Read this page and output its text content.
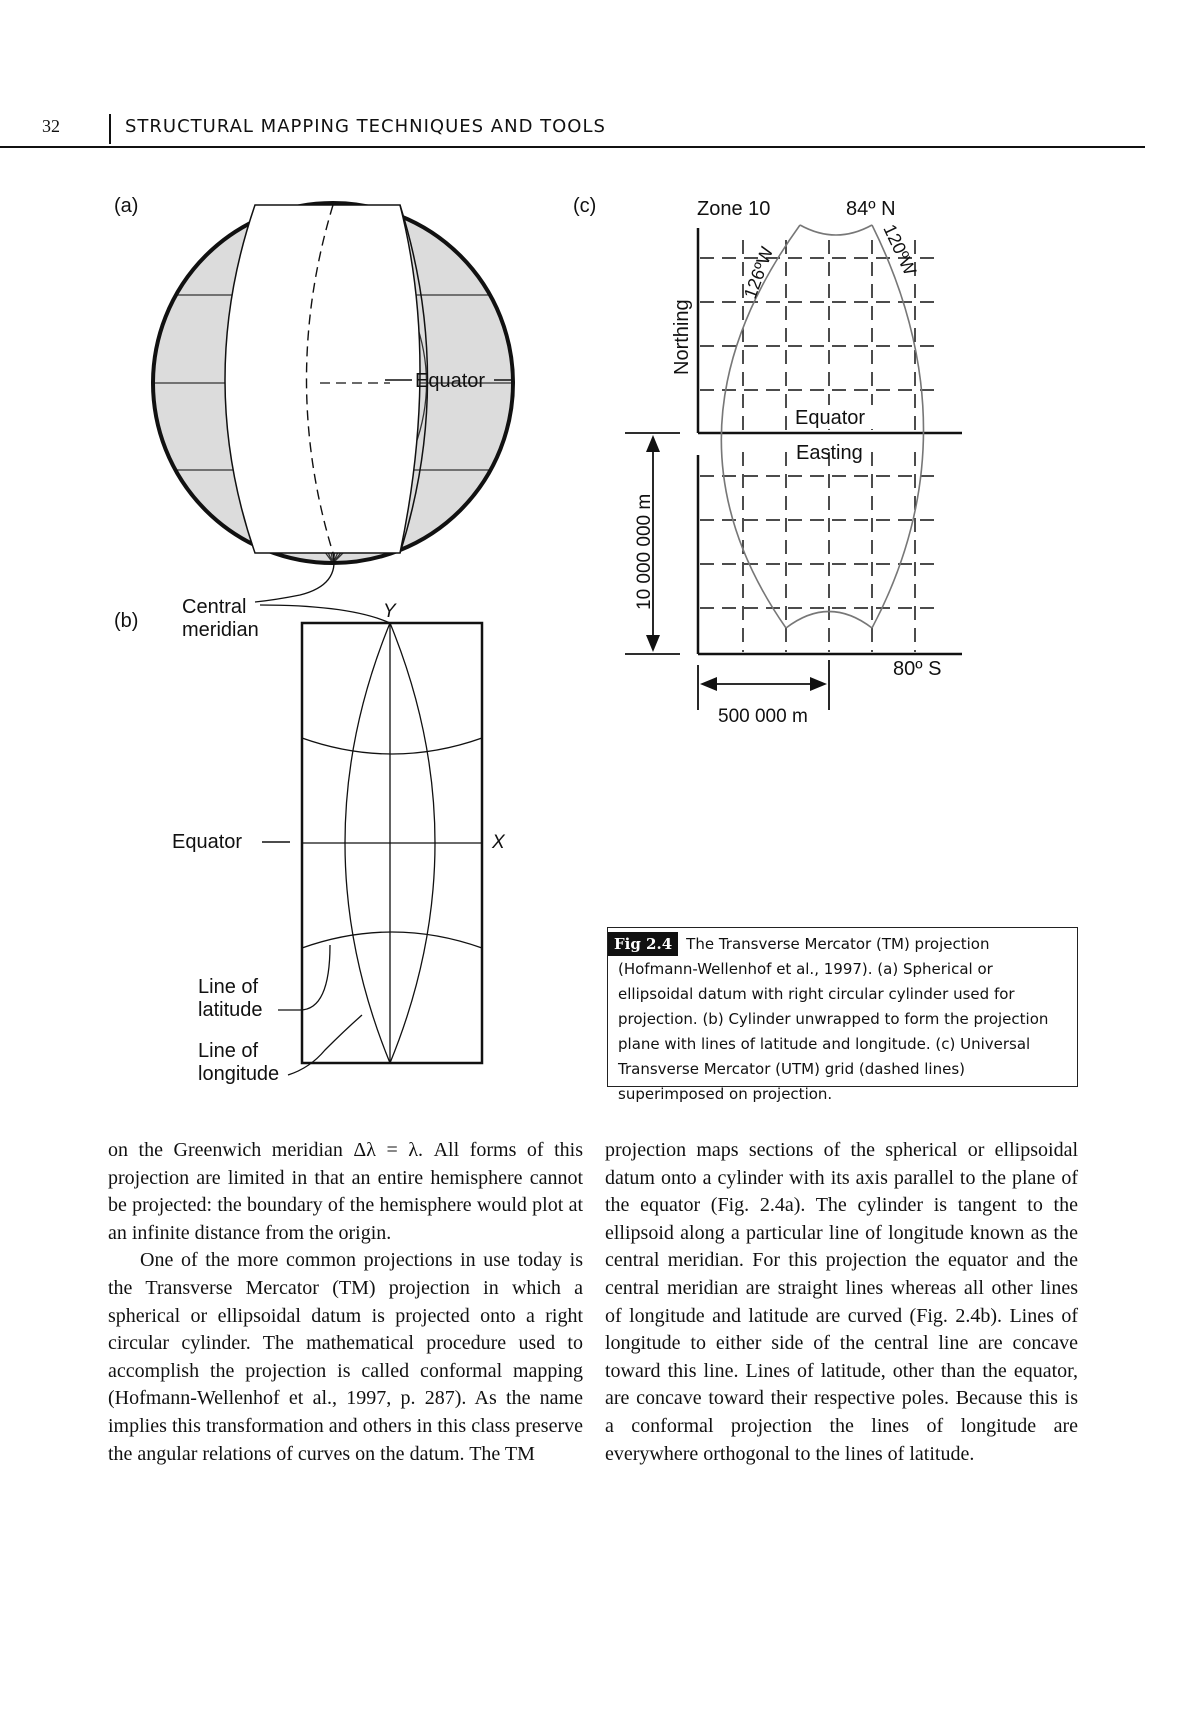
32	STRUCTURAL MAPPING TECHNIQUES AND TOOLS
(a)
Equator
(b)
Central
meridian
Y
X
Equator
Line of
latitude
Line of
longitude
(c)	Zone 10	84º N
126ºW	120ºW
Northing
Equator
Easting
10 000 000 m
500 000 m
80º S
Fig 2.4 The Transverse Mercator (TM) projection (Hofmann-Wellenhof et al., 1997). (a) Spherical or ellipsoidal datum with right circular cylinder used for projection. (b) Cylinder unwrapped to form the projection plane with lines of latitude and longitude. (c) Universal Transverse Mercator (UTM) grid (dashed lines) superimposed on projection.

on the Greenwich meridian Δλ = λ. All forms of this projection are limited in that an entire hemisphere cannot be projected: the boundary of the hemisphere would plot at an infinite distance from the origin.

One of the more common projections in use today is the Transverse Mercator (TM) projection in which a spherical or ellipsoidal datum is projected onto a right circular cylinder. The mathematical procedure used to accomplish the projection is called conformal mapping (Hofmann-Wellenhof et al., 1997, p. 287). As the name implies this transformation and others in this class preserve the angular relations of curves on the datum. The TM

projection maps sections of the spherical or ellipsoidal datum onto a cylinder with its axis parallel to the plane of the equator (Fig. 2.4a). The cylinder is tangent to the ellipsoid along a particular line of longitude known as the central meridian. For this projection the equator and the central meridian are straight lines whereas all other lines of longitude and latitude are curved (Fig. 2.4b). Lines of longitude to either side of the central line are concave toward this line. Lines of latitude, other than the equator, are concave toward their respective poles. Because this is a conformal projection the lines of longitude are everywhere orthogonal to the lines of latitude.
